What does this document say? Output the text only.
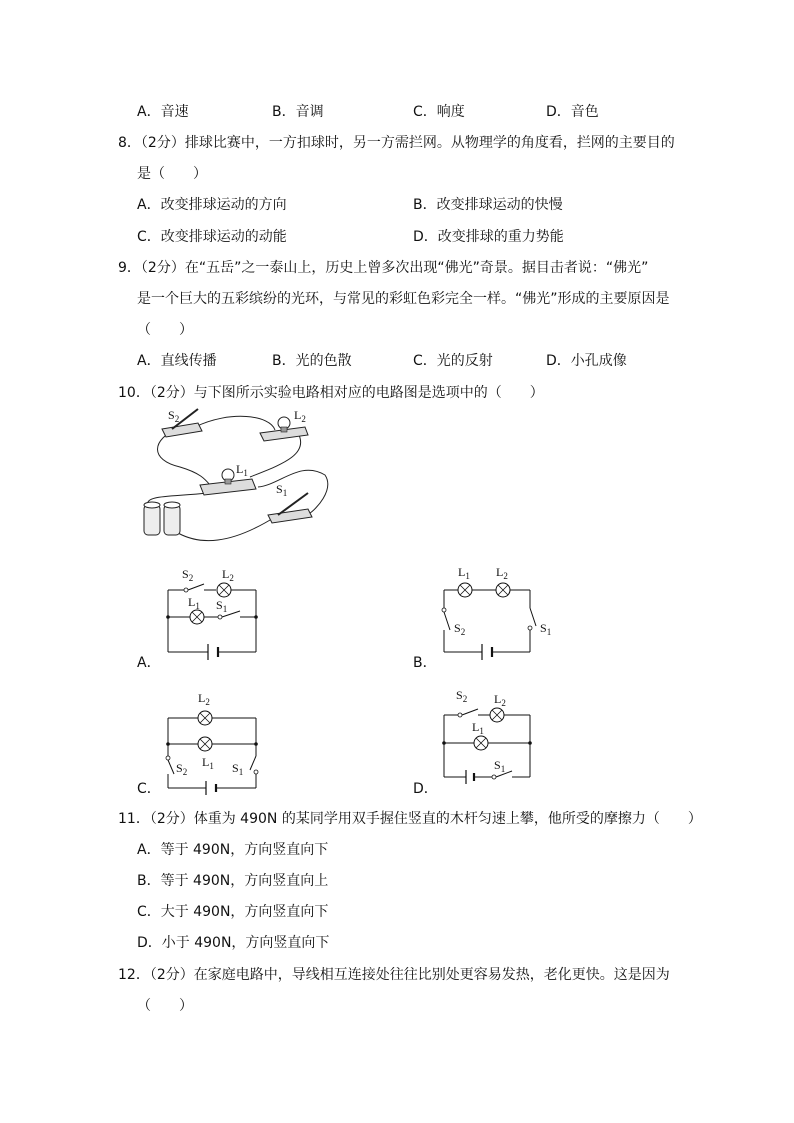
A．音速	B．音调	C．响度	D．音色
8．（2分）排球比赛中，一方扣球时，另一方需拦网。从物理学的角度看，拦网的主要目的
是（　　）
A．改变排球运动的方向	B．改变排球运动的快慢
C．改变排球运动的动能	D．改变排球的重力势能
9．（2分）在“五岳”之一泰山上，历史上曾多次出现“佛光”奇景。据目击者说：“佛光”
是一个巨大的五彩缤纷的光环，与常见的彩虹色彩完全一样。“佛光”形成的主要原因是
（　　）
A．直线传播	B．光的色散	C．光的反射	D．小孔成像
10．（2分）与下图所示实验电路相对应的电路图是选项中的（　　）
$S_2$	$L_2$
$L_1$
$S_1$
$S_2$ $L_2$
$L_1$ $S_1$
A．
$L_1$ $L_2$
$S_2$	$S_1$
B．
$L_2$
$S_2$
$L_1$ $S_1$
C．
$S_2$ $L_2$
$L_1$
$S_1$
D．
11．（2分）体重为 490N 的某同学用双手握住竖直的木杆匀速上攀，他所受的摩擦力（　　）
A．等于 490N，方向竖直向下
B．等于 490N，方向竖直向上
C．大于 490N，方向竖直向下
D．小于 490N，方向竖直向下
12．（2分）在家庭电路中，导线相互连接处往往比别处更容易发热，老化更快。这是因为
（　　）
